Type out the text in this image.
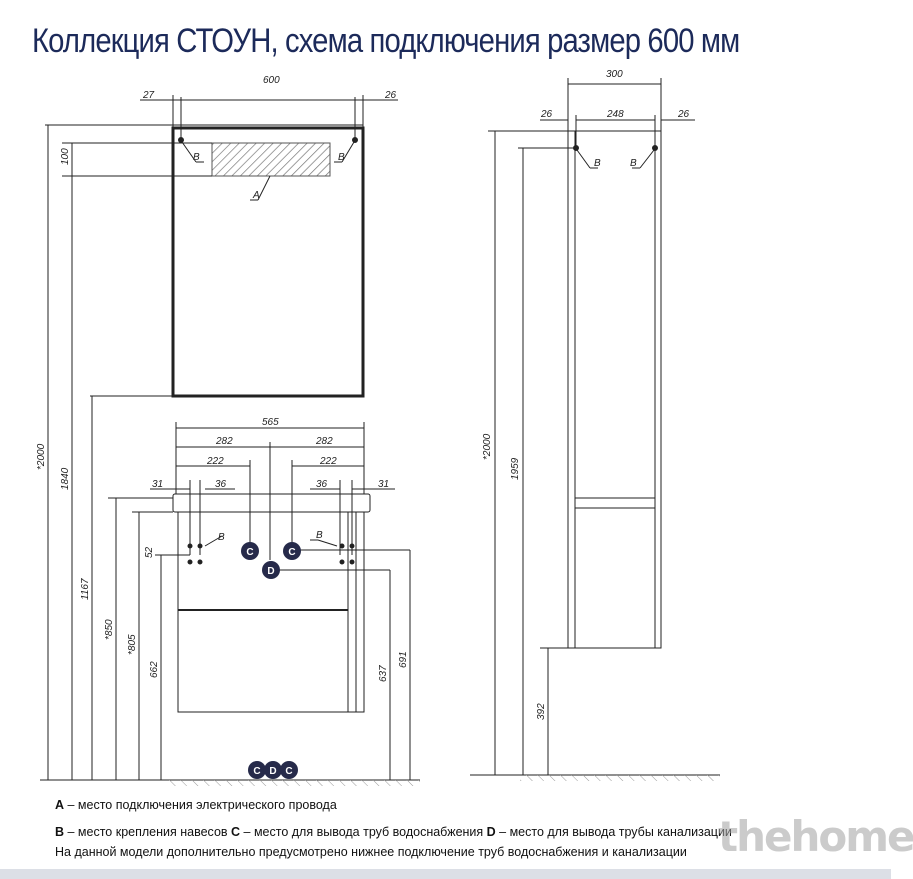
Коллекция СТОУН, схема подключения размер 600 мм
C	C
D
C D C
B	B
A
B	B
B	B
600
27	26
100
*2000
1840
1167
*850
*805
662
52
565
282	282
222	222
31	36	36	31
637
691
300
248
26	26
*2000
1959
392
А – место подключения электрического провода
В – место крепления навесов С – место для вывода труб водоснабжения D – место для вывода трубы канализации
На данной модели дополнительно предусмотрено нижнее подключение труб водоснабжения и канализации thehome
